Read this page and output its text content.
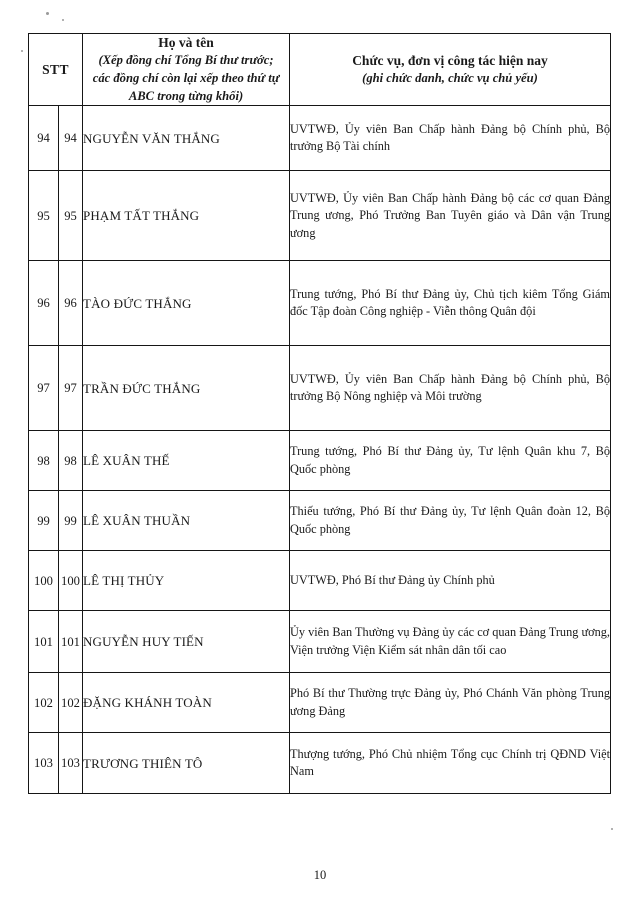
STT

Họ và tên
(Xếp đồng chí Tổng Bí thư trước;
các đồng chí còn lại xếp theo thứ tự
ABC trong từng khối)

Chức vụ, đơn vị công tác hiện nay
(ghi chức danh, chức vụ chủ yếu)

94	94	NGUYỄN VĂN THẮNG	UVTWĐ, Ủy viên Ban Chấp hành Đảng bộ Chính phủ, Bộ trưởng Bộ Tài chính

95	95	PHẠM TẤT THẮNG	UVTWĐ, Ủy viên Ban Chấp hành Đảng bộ các cơ quan Đảng Trung ương, Phó Trưởng Ban Tuyên giáo và Dân vận Trung ương

96	96	TÀO ĐỨC THẮNG	Trung tướng, Phó Bí thư Đảng ủy, Chủ tịch kiêm Tổng Giám đốc Tập đoàn Công nghiệp - Viễn thông Quân đội

97	97	TRẦN ĐỨC THẮNG	UVTWĐ, Ủy viên Ban Chấp hành Đảng bộ Chính phủ, Bộ trưởng Bộ Nông nghiệp và Môi trường

98	98	LÊ XUÂN THẾ	Trung tướng, Phó Bí thư Đảng ủy, Tư lệnh Quân khu 7, Bộ Quốc phòng

99	99	LÊ XUÂN THUẦN	Thiếu tướng, Phó Bí thư Đảng ủy, Tư lệnh Quân đoàn 12, Bộ Quốc phòng

100	100	LÊ THỊ THỦY	UVTWĐ, Phó Bí thư Đảng ủy Chính phủ

101	101	NGUYỄN HUY TIẾN	Ủy viên Ban Thường vụ Đảng ủy các cơ quan Đảng Trung ương, Viện trưởng Viện Kiểm sát nhân dân tối cao

102	102	ĐẶNG KHÁNH TOÀN	Phó Bí thư Thường trực Đảng ủy, Phó Chánh Văn phòng Trung ương Đảng

103	103	TRƯƠNG THIÊN TÔ	Thượng tướng, Phó Chủ nhiệm Tổng cục Chính trị QĐND Việt Nam
10
